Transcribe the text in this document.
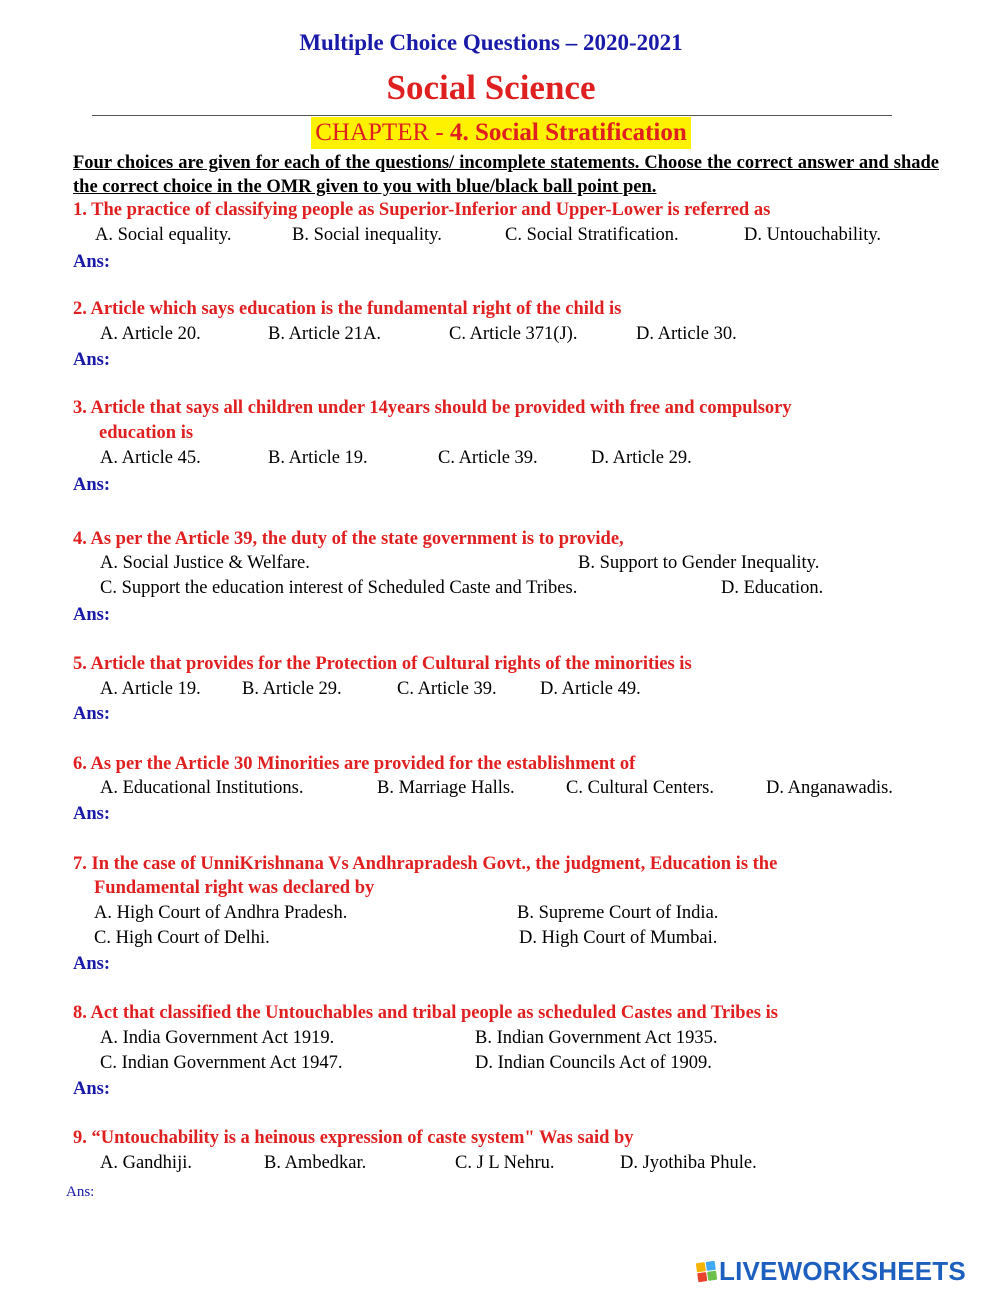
Multiple Choice Questions – 2020-2021
Social Science
CHAPTER - 4. Social Stratification
Four choices are given for each of the questions/ incomplete statements. Choose the correct answer and shade the correct choice in the OMR given to you with blue/black ball point pen.
1. The practice of classifying people as Superior-Inferior and Upper-Lower is referred as
A. Social equality.	B. Social inequality.	C. Social Stratification.	D. Untouchability.
Ans:
2. Article which says education is the fundamental right of the child is
A. Article 20.	B. Article 21A.	C. Article 371(J).	D. Article 30.
Ans:
3. Article that says all children under 14years should be provided with free and compulsory
education is
A. Article 45.	B. Article 19.	C. Article 39.	D. Article 29.
Ans:
4. As per the Article 39, the duty of the state government is to provide,
A. Social Justice & Welfare.	B. Support to Gender Inequality.
C. Support the education interest of Scheduled Caste and Tribes.	D. Education.
Ans:
5. Article that provides for the Protection of Cultural rights of the minorities is
A. Article 19. B. Article 29.	C. Article 39. D. Article 49.
Ans:
6. As per the Article 30 Minorities are provided for the establishment of
A. Educational Institutions.	B. Marriage Halls.	C. Cultural Centers.	D. Anganawadis.
Ans:
7. In the case of UnniKrishnana Vs Andhrapradesh Govt., the judgment, Education is the
Fundamental right was declared by
A. High Court of Andhra Pradesh.	B. Supreme Court of India.
C. High Court of Delhi.	D. High Court of Mumbai.
Ans:
8. Act that classified the Untouchables and tribal people as scheduled Castes and Tribes is
A. India Government Act 1919.	B. Indian Government Act 1935.
C. Indian Government Act 1947.	D. Indian Councils Act of 1909.
Ans:
9. “Untouchability is a heinous expression of caste system" Was said by
A. Gandhiji.	B. Ambedkar.	C. J L Nehru.	D. Jyothiba Phule.
Ans:
LIVEWORKSHEETS
